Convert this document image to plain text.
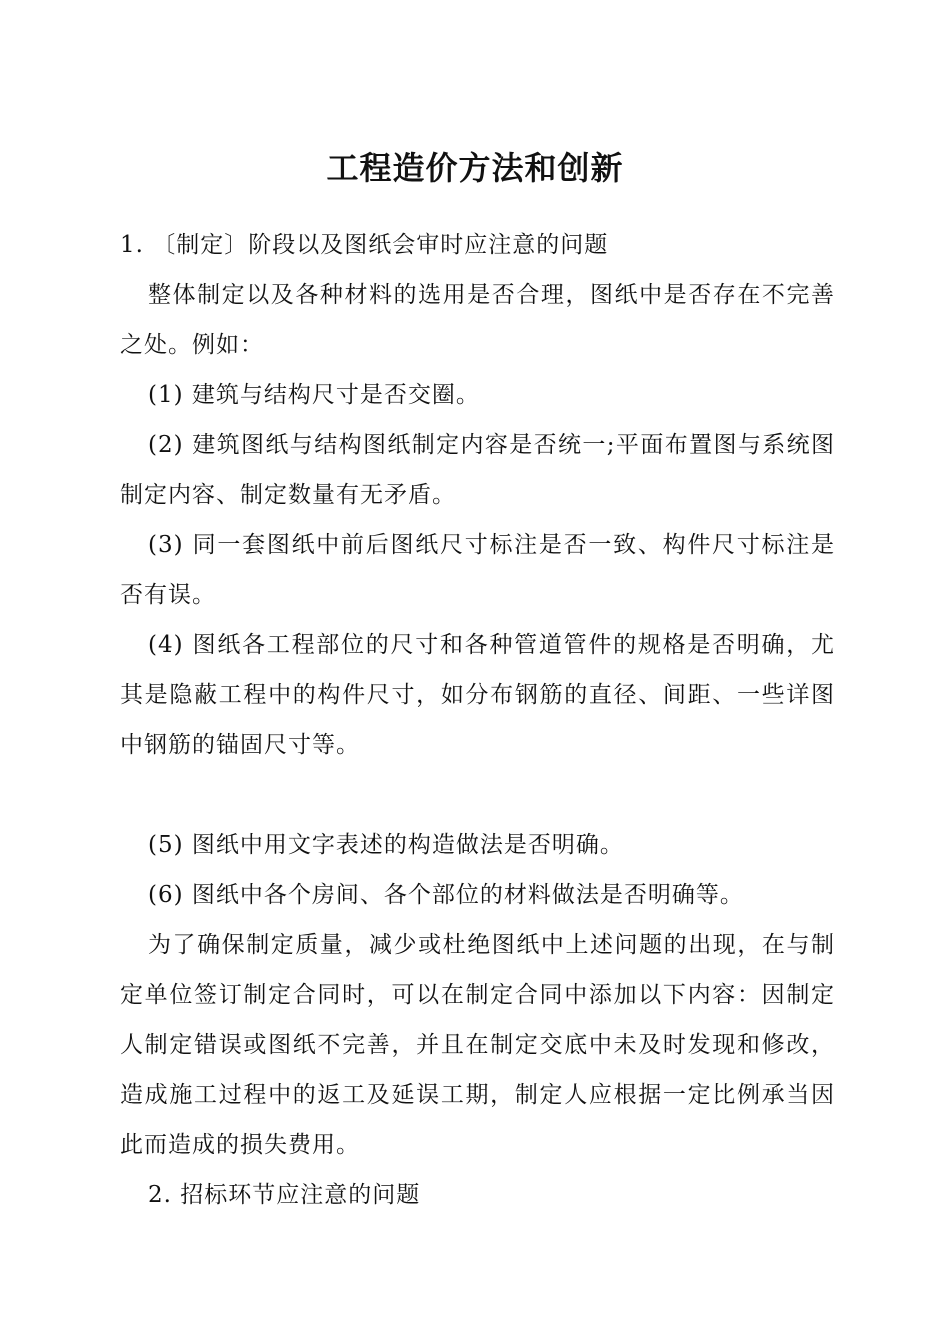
工程造价方法和创新

1. 〔制定〕阶段以及图纸会审时应注意的问题

整体制定以及各种材料的选用是否合理，图纸中是否存在不完善之处。例如：

(1) 建筑与结构尺寸是否交圈。

(2) 建筑图纸与结构图纸制定内容是否统一;平面布置图与系统图制定内容、制定数量有无矛盾。

(3) 同一套图纸中前后图纸尺寸标注是否一致、构件尺寸标注是否有误。

(4) 图纸各工程部位的尺寸和各种管道管件的规格是否明确，尤其是隐蔽工程中的构件尺寸，如分布钢筋的直径、间距、一些详图中钢筋的锚固尺寸等。

(5) 图纸中用文字表述的构造做法是否明确。

(6) 图纸中各个房间、各个部位的材料做法是否明确等。

为了确保制定质量，减少或杜绝图纸中上述问题的出现，在与制定单位签订制定合同时，可以在制定合同中添加以下内容：因制定人制定错误或图纸不完善，并且在制定交底中未及时发现和修改，造成施工过程中的返工及延误工期，制定人应根据一定比例承当因此而造成的损失费用。

2. 招标环节应注意的问题
